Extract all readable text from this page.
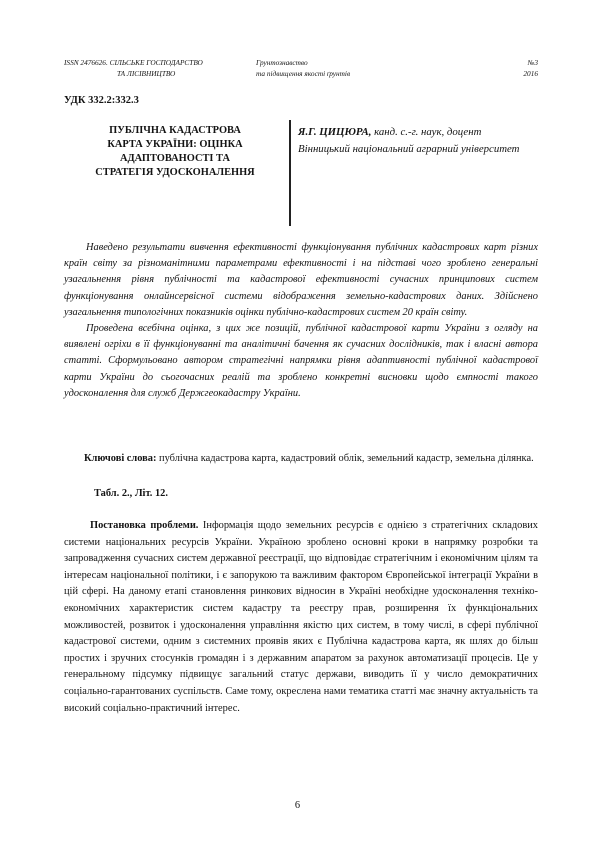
ISSN 2476626. СІЛЬСЬКЕ ГОСПОДАРСТВО	Грунтознавство	№3
ТА ЛІСІВНИЦТВО	та підвищення якості ґрунтів	2016
УДК 332.2:332.3
ПУБЛІЧНА КАДАСТРОВА
КАРТА УКРАЇНИ: ОЦІНКА
АДАПТОВАНОСТІ ТА
СТРАТЕГІЯ УДОСКОНАЛЕННЯ
Я.Г. ЦИЦЮРА, канд. с.-г. наук, доцент
Вінницький національний аграрний університет

Наведено результати вивчення ефективності функціонування публічних кадастрових карт різних країн світу за різноманітними параметрами ефективності і на підставі чого зроблено генеральні узагальнення рівня публічності та кадастрової ефективності сучасних принципових систем функціонування онлайнсервісної системи відображення земельно-кадастрових даних. Здійснено узагальнення типологічних показників оцінки публічно-кадастрових систем 20 країн світу.

Проведена всебічна оцінка, з цих же позицій, публічної кадастрової карти України з огляду на виявлені огріхи в її функціонуванні та аналітичні бачення як сучасних дослідників, так і власні автора статті. Сформульовано автором стратегічні напрямки рівня адаптивності публічної кадастрової карти України до сьогочасних реалій та зроблено конкретні висновки щодо ємпності такого удосконалення для служб Держгеокадастру України.

Ключові слова: публічна кадастрова карта, кадастровий облік, земельний кадастр, земельна ділянка.
Табл. 2., Літ. 12.
Постановка проблеми. Інформація щодо земельних ресурсів є однією з стратегічних складових системи національних ресурсів України. Україною зроблено основні кроки в напрямку розробки та запровадження сучасних систем державної реєстрації, що відповідає стратегічним і економічним цілям та інтересам національної політики, і є запорукою та важливим фактором Європейської інтеграції України в цій сфері. На даному етапі становлення ринкових відносин в Україні необхідне удосконалення техніко-економічних характеристик систем кадастру та реєстру прав, розширення їх функціональних можливостей, розвиток і удосконалення управління якістю цих систем, в тому числі, в сфері публічної кадастрової системи, одним з системних проявів яких є Публічна кадастрова карта, як шлях до більш простих і зручних стосунків громадян і з державним апаратом за рахунок автоматизації процесів. Це у генеральному підсумку підвищує загальний статус держави, виводить її у число демократичних соціально-гарантованих суспільств. Саме тому, окреслена нами тематика статті має значну актуальність та високий соціально-практичний інтерес.
6
